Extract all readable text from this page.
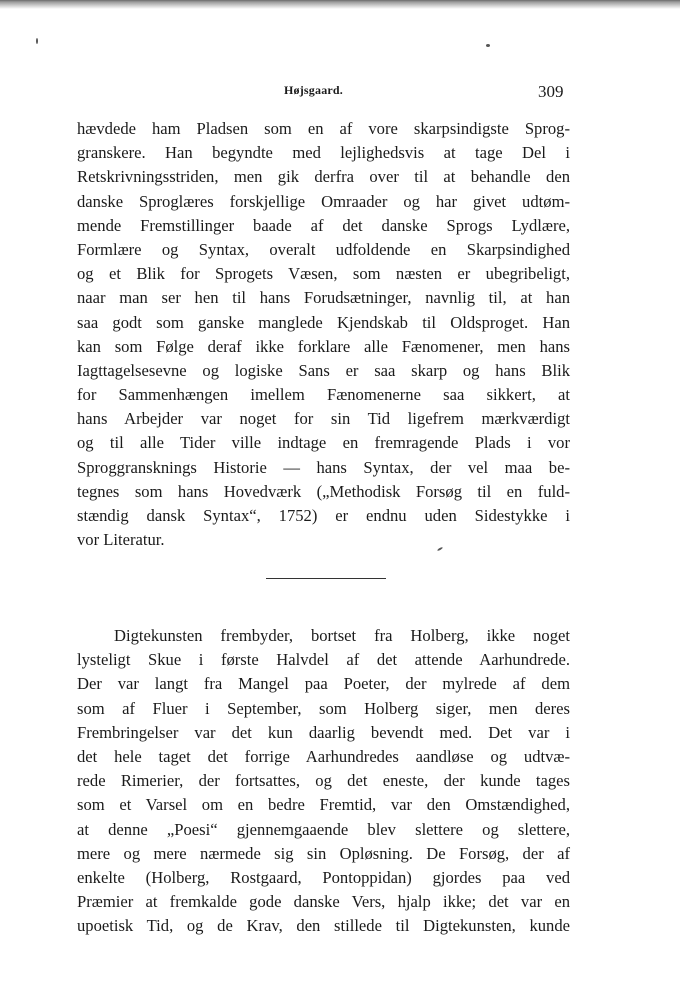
Højsgaard.	309
hævdede ham Pladsen som en af vore skarpsindigste Sprog-
granskere. Han begyndte med lejlighedsvis at tage Del i
Retskrivningsstriden, men gik derfra over til at behandle den
danske Sproglæres forskjellige Omraader og har givet udtøm-
mende Fremstillinger baade af det danske Sprogs Lydlære,
Formlære og Syntax, overalt udfoldende en Skarpsindighed
og et Blik for Sprogets Væsen, som næsten er ubegribeligt,
naar man ser hen til hans Forudsætninger, navnlig til, at han
saa godt som ganske manglede Kjendskab til Oldsproget. Han
kan som Følge deraf ikke forklare alle Fænomener, men hans
Iagttagelsesevne og logiske Sans er saa skarp og hans Blik
for Sammenhængen imellem Fænomenerne saa sikkert, at
hans Arbejder var noget for sin Tid ligefrem mærkværdigt
og til alle Tider ville indtage en fremragende Plads i vor
Sproggransknings Historie — hans Syntax, der vel maa be-
tegnes som hans Hovedværk („Methodisk Forsøg til en fuld-
stændig dansk Syntax“, 1752) er endnu uden Sidestykke i
vor Literatur.
Digtekunsten frembyder, bortset fra Holberg, ikke noget
lysteligt Skue i første Halvdel af det attende Aarhundrede.
Der var langt fra Mangel paa Poeter, der mylrede af dem
som af Fluer i September, som Holberg siger, men deres
Frembringelser var det kun daarlig bevendt med. Det var i
det hele taget det forrige Aarhundredes aandløse og udtvæ-
rede Rimerier, der fortsattes, og det eneste, der kunde tages
som et Varsel om en bedre Fremtid, var den Omstændighed,
at denne „Poesi“ gjennemgaaende blev slettere og slettere,
mere og mere nærmede sig sin Opløsning. De Forsøg, der af
enkelte (Holberg, Rostgaard, Pontoppidan) gjordes paa ved
Præmier at fremkalde gode danske Vers, hjalp ikke; det var en
upoetisk Tid, og de Krav, den stillede til Digtekunsten, kunde
